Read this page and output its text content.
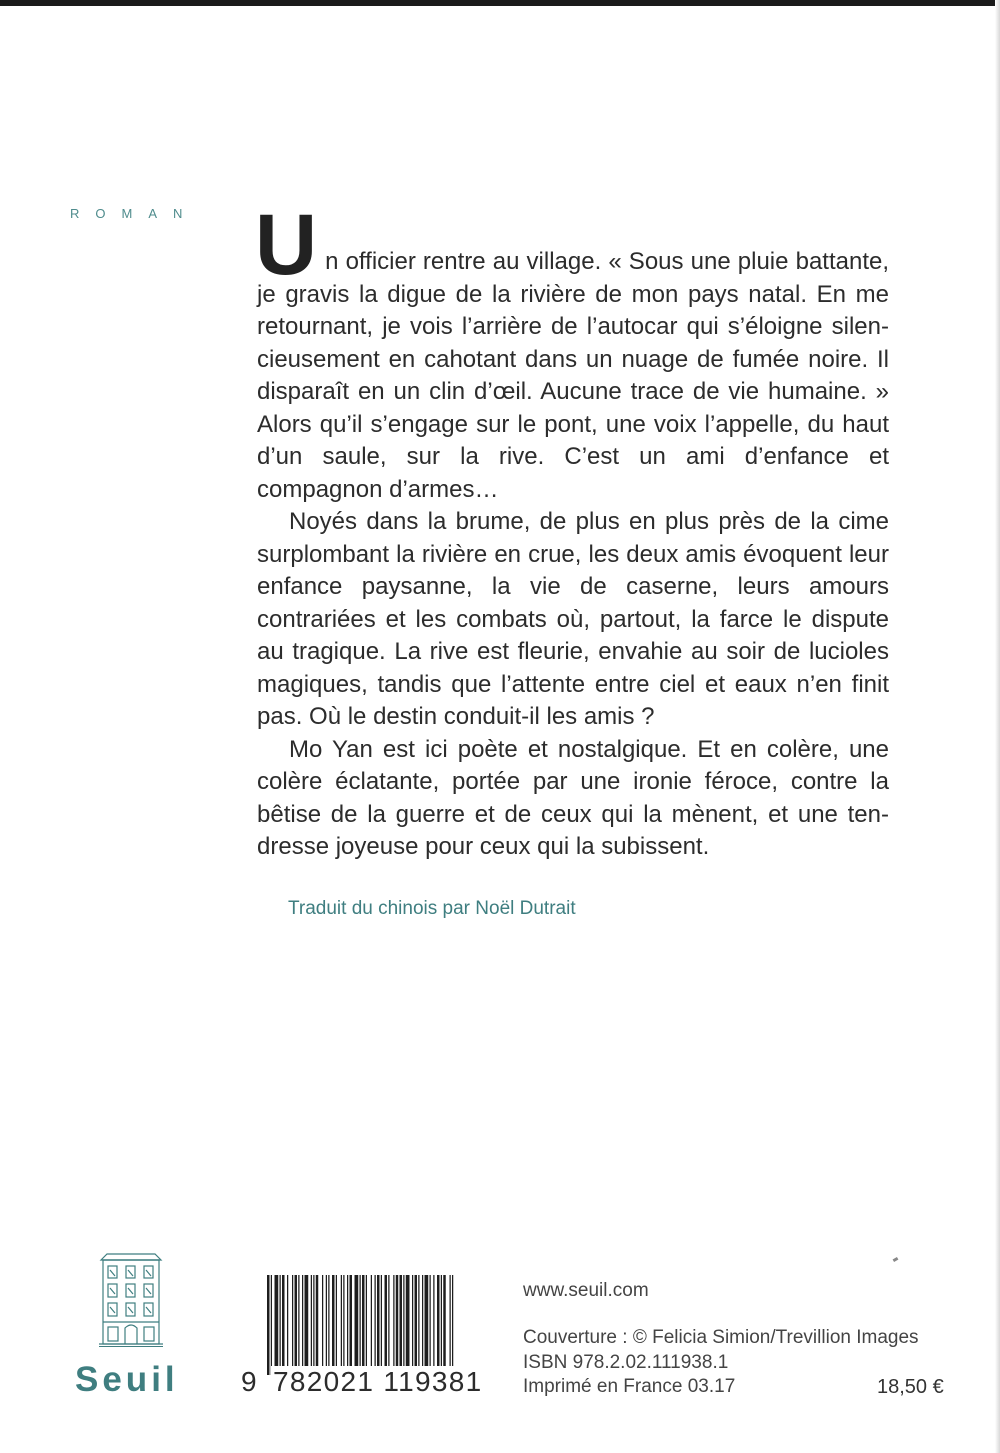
ROMAN Un officier rentre au village. « Sous une pluie battante, je gravis la digue de la rivière de mon pays natal. En me retournant, je vois l’arrière de l’autocar qui s’éloigne silencieusement en cahotant dans un nuage de fumée noire. Il disparaît en un clin d’œil. Aucune trace de vie humaine. » Alors qu’il s’engage sur le pont, une voix l’appelle, du haut d’un saule, sur la rive. C’est un ami d’enfance et compagnon d’armes…

Noyés dans la brume, de plus en plus près de la cime surplombant la rivière en crue, les deux amis évoquent leur enfance paysanne, la vie de caserne, leurs amours contrariées et les combats où, partout, la farce le dispute au tragique. La rive est fleurie, envahie au soir de lucioles magiques, tandis que l’attente entre ciel et eaux n’en finit pas. Où le destin conduit-il les amis ?

Mo Yan est ici poète et nostalgique. Et en colère, une colère éclatante, portée par une ironie féroce, contre la bêtise de la guerre et de ceux qui la mènent, et une tendresse joyeuse pour ceux qui la subissent.

Traduit du chinois par Noël Dutrait
Seuil 9 782021 119381
www.seuil.com
Couverture : © Felicia Simion/Trevillion Images
ISBN 978.2.02.111938.1
Imprimé en France 03.17	18,50 €
